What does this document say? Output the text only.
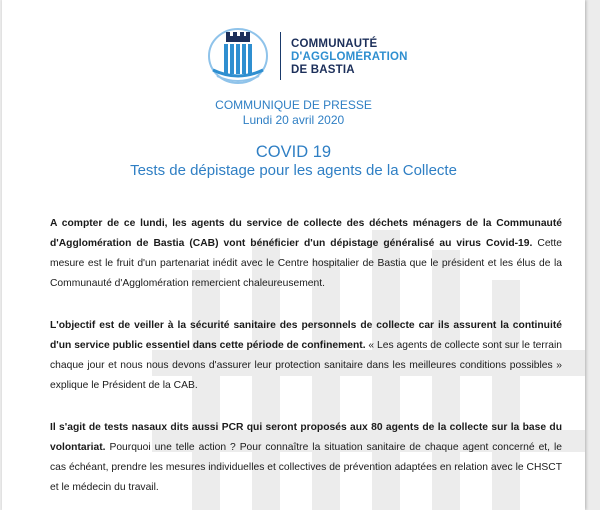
COMMUNAUTÉ
D'AGGLOMÉRATION
DE BASTIA
COMMUNIQUE DE PRESSE
Lundi 20 avril 2020
COVID 19
Tests de dépistage pour les agents de la Collecte
A compter de ce lundi, les agents du service de collecte des déchets ménagers de la Communauté d'Agglomération de Bastia (CAB) vont bénéficier d'un dépistage généralisé au virus Covid-19. Cette mesure est le fruit d'un partenariat inédit avec le Centre hospitalier de Bastia que le président et les élus de la Communauté d'Agglomération remercient chaleureusement.
L'objectif est de veiller à la sécurité sanitaire des personnels de collecte car ils assurent la continuité d'un service public essentiel dans cette période de confinement. « Les agents de collecte sont sur le terrain chaque jour et nous nous devons d'assurer leur protection sanitaire dans les meilleures conditions possibles » explique le Président de la CAB.
Il s'agit de tests nasaux dits aussi PCR qui seront proposés aux 80 agents de la collecte sur la base du volontariat. Pourquoi une telle action ? Pour connaître la situation sanitaire de chaque agent concerné et, le cas échéant, prendre les mesures individuelles et collectives de prévention adaptées en relation avec le CHSCT et le médecin du travail.
